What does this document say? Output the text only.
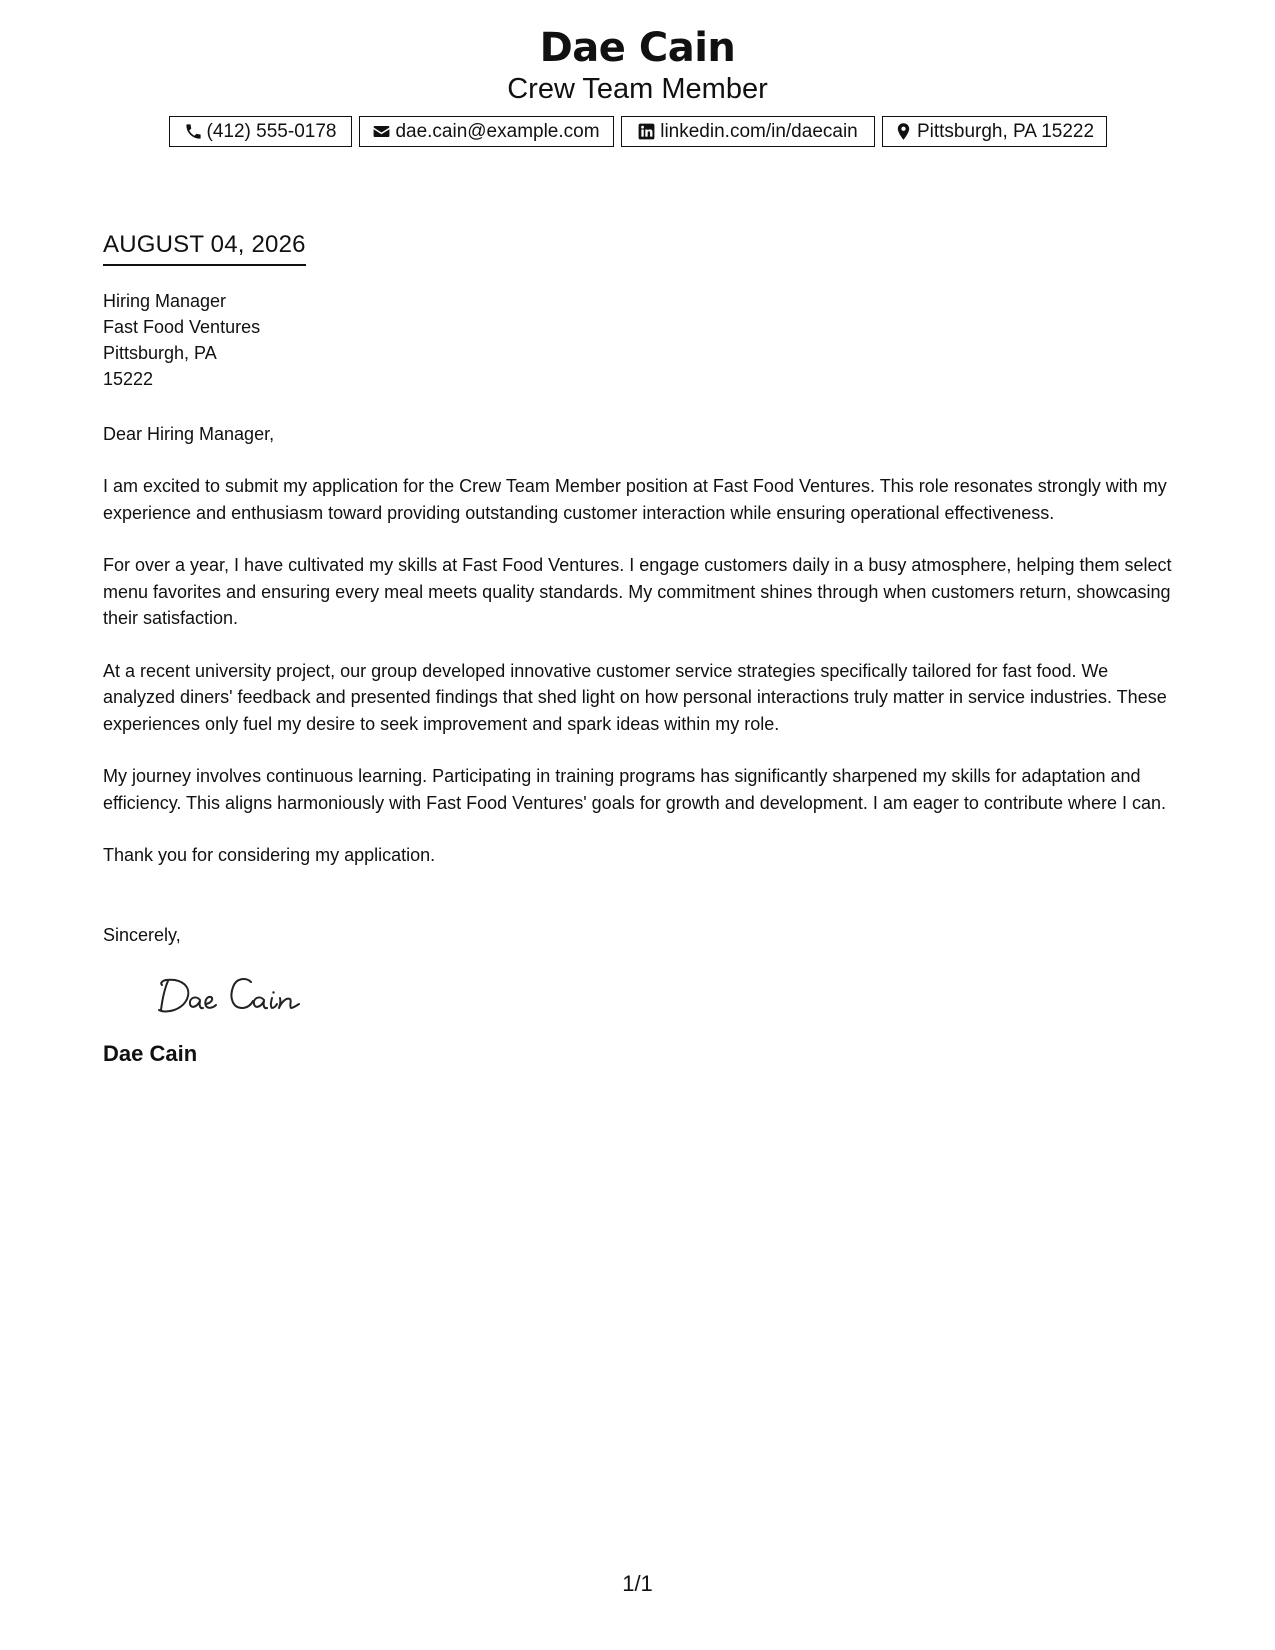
Dae Cain
Crew Team Member
(412) 555-0178	dae.cain@example.com	linkedin.com/in/daecain	Pittsburgh, PA 15222
AUGUST 04, 2026
Hiring Manager
Fast Food Ventures
Pittsburgh, PA
15222
Dear Hiring Manager,

I am excited to submit my application for the Crew Team Member position at Fast Food Ventures. This role resonates strongly with my experience and enthusiasm toward providing outstanding customer interaction while ensuring operational effectiveness.

For over a year, I have cultivated my skills at Fast Food Ventures. I engage customers daily in a busy atmosphere, helping them select menu favorites and ensuring every meal meets quality standards. My commitment shines through when customers return, showcasing their satisfaction.

At a recent university project, our group developed innovative customer service strategies specifically tailored for fast food. We analyzed diners' feedback and presented findings that shed light on how personal interactions truly matter in service industries. These experiences only fuel my desire to seek improvement and spark ideas within my role.

My journey involves continuous learning. Participating in training programs has significantly sharpened my skills for adaptation and efficiency. This aligns harmoniously with Fast Food Ventures' goals for growth and development. I am eager to contribute where I can.

Thank you for considering my application.

Sincerely,
Dae Cain
1/1
